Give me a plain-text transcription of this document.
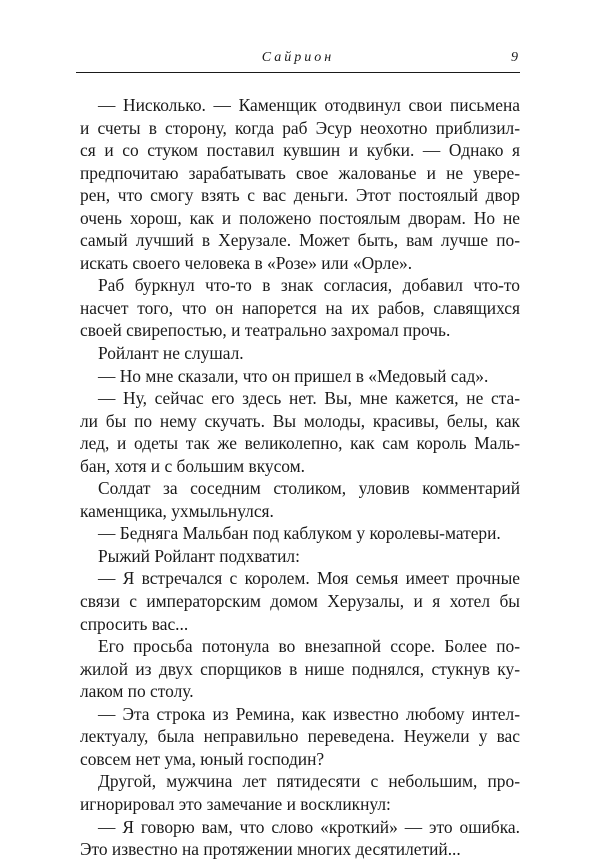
Сайрион	9
— Нисколько. — Каменщик отодвинул свои письмена
и счеты в сторону, когда раб Эсур неохотно приблизил-
ся и со стуком поставил кувшин и кубки. — Однако я
предпочитаю зарабатывать свое жалованье и не увере-
рен, что смогу взять с вас деньги. Этот постоялый двор
очень хорош, как и положено постоялым дворам. Но не
самый лучший в Херузале. Может быть, вам лучше по-
искать своего человека в «Розе» или «Орле».
Раб буркнул что-то в знак согласия, добавил что-то
насчет того, что он напорется на их рабов, славящихся
своей свирепостью, и театрально захромал прочь.
Ройлант не слушал.
— Но мне сказали, что он пришел в «Медовый сад».
— Ну, сейчас его здесь нет. Вы, мне кажется, не ста-
ли бы по нему скучать. Вы молоды, красивы, белы, как
лед, и одеты так же великолепно, как сам король Маль-
бан, хотя и с большим вкусом.
Солдат за соседним столиком, уловив комментарий
каменщика, ухмыльнулся.
— Бедняга Мальбан под каблуком у королевы-матери.
Рыжий Ройлант подхватил:
— Я встречался с королем. Моя семья имеет прочные
связи с императорским домом Херузалы, и я хотел бы
спросить вас...
Его просьба потонула во внезапной ссоре. Более по-
жилой из двух спорщиков в нише поднялся, стукнув ку-
лаком по столу.
— Эта строка из Ремина, как известно любому интел-
лектуалу, была неправильно переведена. Неужели у вас
совсем нет ума, юный господин?
Другой, мужчина лет пятидесяти с небольшим, про-
игнорировал это замечание и воскликнул:
— Я говорю вам, что слово «кроткий» — это ошибка.
Это известно на протяжении многих десятилетий...
